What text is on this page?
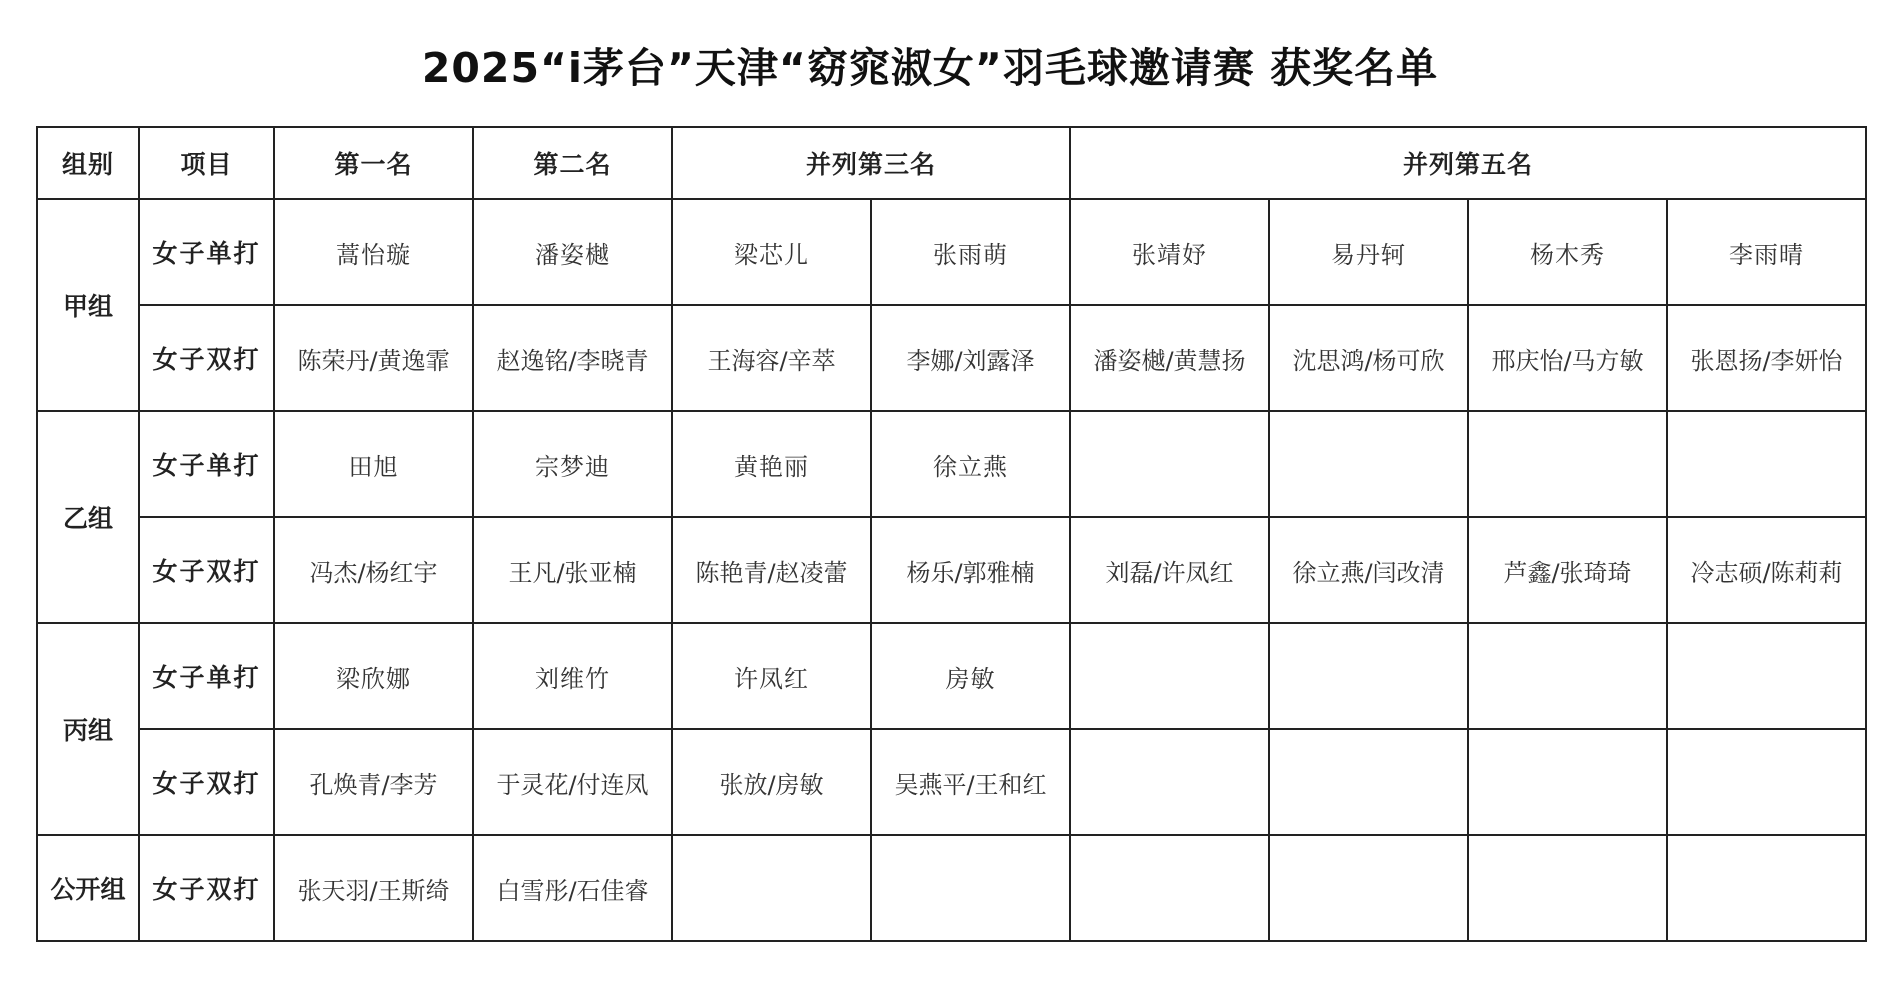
2025“i茅台”天津“窈窕淑女”羽毛球邀请赛 获奖名单
组别	项目	第一名	第二名	并列第三名		并列第五名			
甲组	女子单打	蒿怡璇	潘姿樾	梁芯儿	张雨萌	张靖妤	易丹轲	杨木秀	李雨晴
	女子双打	陈荣丹/黄逸霏	赵逸铭/李晓青	王海容/辛萃	李娜/刘露泽	潘姿樾/黄慧扬	沈思鸿/杨可欣	邢庆怡/马方敏	张恩扬/李妍怡
乙组	女子单打	田旭	宗梦迪	黄艳丽	徐立燕				
	女子双打	冯杰/杨红宇	王凡/张亚楠	陈艳青/赵凌蕾	杨乐/郭雅楠	刘磊/许凤红	徐立燕/闫改清	芦鑫/张琦琦	冷志硕/陈莉莉
丙组	女子单打	梁欣娜	刘维竹	许凤红	房敏				
	女子双打	孔焕青/李芳	于灵花/付连凤	张放/房敏	吴燕平/王和红				
公开组	女子双打	张天羽/王斯绮	白雪彤/石佳睿						
